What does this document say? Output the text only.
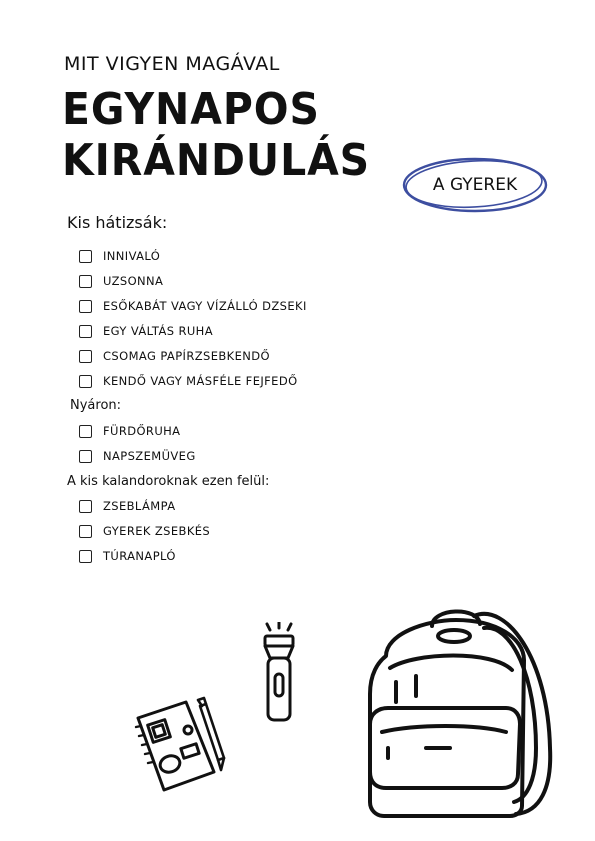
MIT VIGYEN MAGÁVAL
EGYNAPOS KIRÁNDULÁS	A GYEREK
Kis hátizsák:
INNIVALÓ
UZSONNA
ESŐKABÁT VAGY VÍZÁLLÓ DZSEKI
EGY VÁLTÁS RUHA
CSOMAG PAPÍRZSEBKENDŐ
KENDŐ VAGY MÁSFÉLE FEJFEDŐ
Nyáron:
FÜRDŐRUHA
NAPSZEMÜVEG
A kis kalandoroknak ezen felül:
ZSEBLÁMPA
GYEREK ZSEBKÉS
TÚRANAPLÓ
